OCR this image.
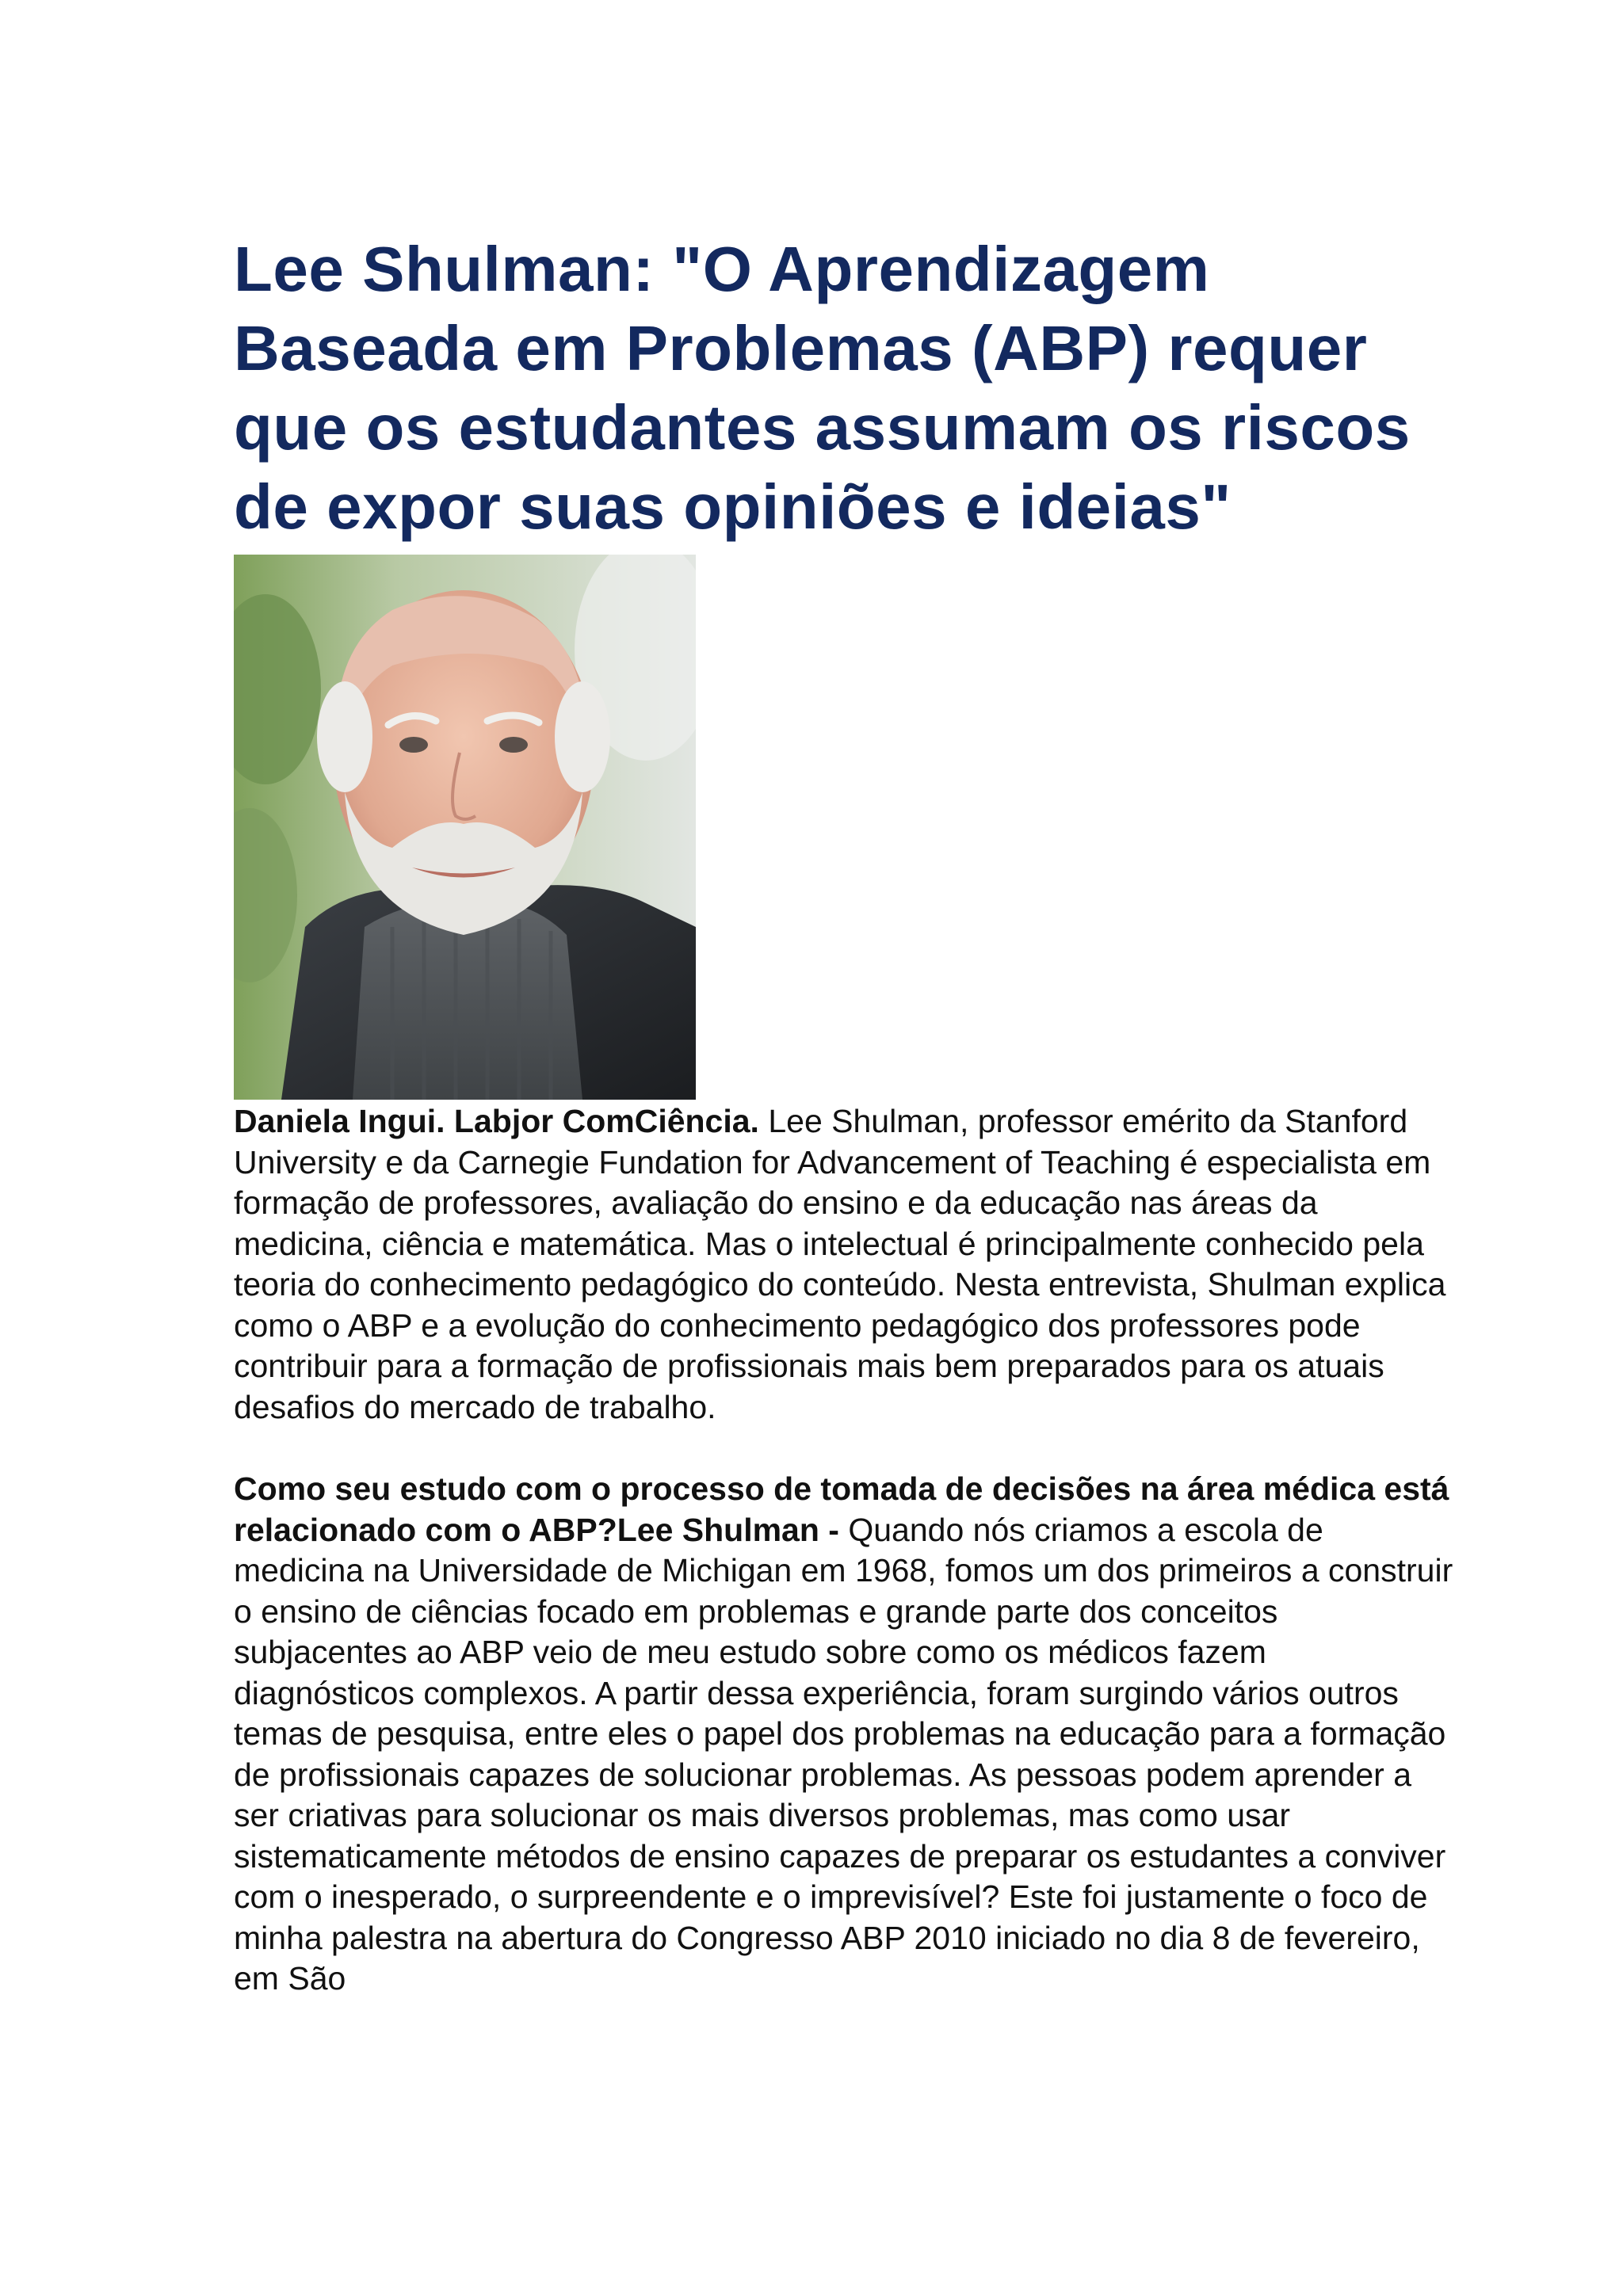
Lee Shulman: "O Aprendizagem Baseada em Problemas (ABP) requer que os estudantes assumam os riscos de expor suas opiniões e ideias"

Daniela Ingui. Labjor ComCiência. Lee Shulman, professor emérito da Stanford University e da Carnegie Fundation for Advancement of Teaching é especialista em formação de professores, avaliação do ensino e da educação nas áreas da medicina, ciência e matemática. Mas o intelectual é principalmente conhecido pela teoria do conhecimento pedagógico do conteúdo. Nesta entrevista, Shulman explica como o ABP e a evolução do conhecimento pedagógico dos professores pode contribuir para a formação de profissionais mais bem preparados para os atuais desafios do mercado de trabalho.

Como seu estudo com o processo de tomada de decisões na área médica está relacionado com o ABP?Lee Shulman - Quando nós criamos a escola de medicina na Universidade de Michigan em 1968, fomos um dos primeiros a construir o ensino de ciências focado em problemas e grande parte dos conceitos subjacentes ao ABP veio de meu estudo sobre como os médicos fazem diagnósticos complexos. A partir dessa experiência, foram surgindo vários outros temas de pesquisa, entre eles o papel dos problemas na educação para a formação de profissionais capazes de solucionar problemas. As pessoas podem aprender a ser criativas para solucionar os mais diversos problemas, mas como usar sistematicamente métodos de ensino capazes de preparar os estudantes a conviver com o inesperado, o surpreendente e o imprevisível? Este foi justamente o foco de minha palestra na abertura do Congresso ABP 2010 iniciado no dia 8 de fevereiro, em São
